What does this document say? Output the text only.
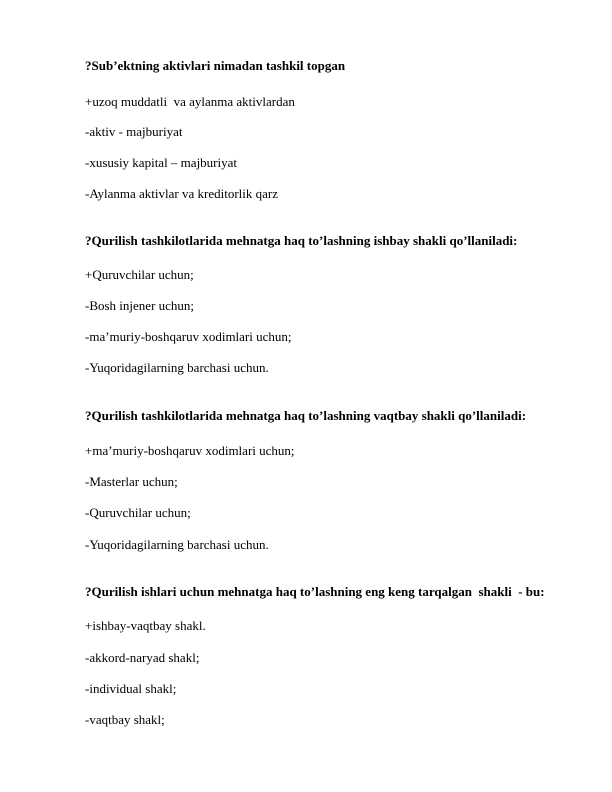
?Sub’ektning aktivlari nimadan tashkil topgan
+uzoq muddatli  va aylanma aktivlardan
-aktiv - majburiyat
-xususiy kapital – majburiyat
-Aylanma aktivlar va kreditorlik qarz
?Qurilish tashkilotlarida mehnatga haq to’lashning ishbay shakli qo’llaniladi:
+Quruvchilar uchun;
-Bosh injener uchun;
-ma’muriy-boshqaruv xodimlari uchun;
-Yuqoridagilarning barchasi uchun.
?Qurilish tashkilotlarida mehnatga haq to’lashning vaqtbay shakli qo’llaniladi:
+ma’muriy-boshqaruv xodimlari uchun;
-Masterlar uchun;
-Quruvchilar uchun;
-Yuqoridagilarning barchasi uchun.
?Qurilish ishlari uchun mehnatga haq to’lashning eng keng tarqalgan  shakli  - bu:
+ishbay-vaqtbay shakl.
-akkord-naryad shakl;
-individual shakl;
-vaqtbay shakl;
